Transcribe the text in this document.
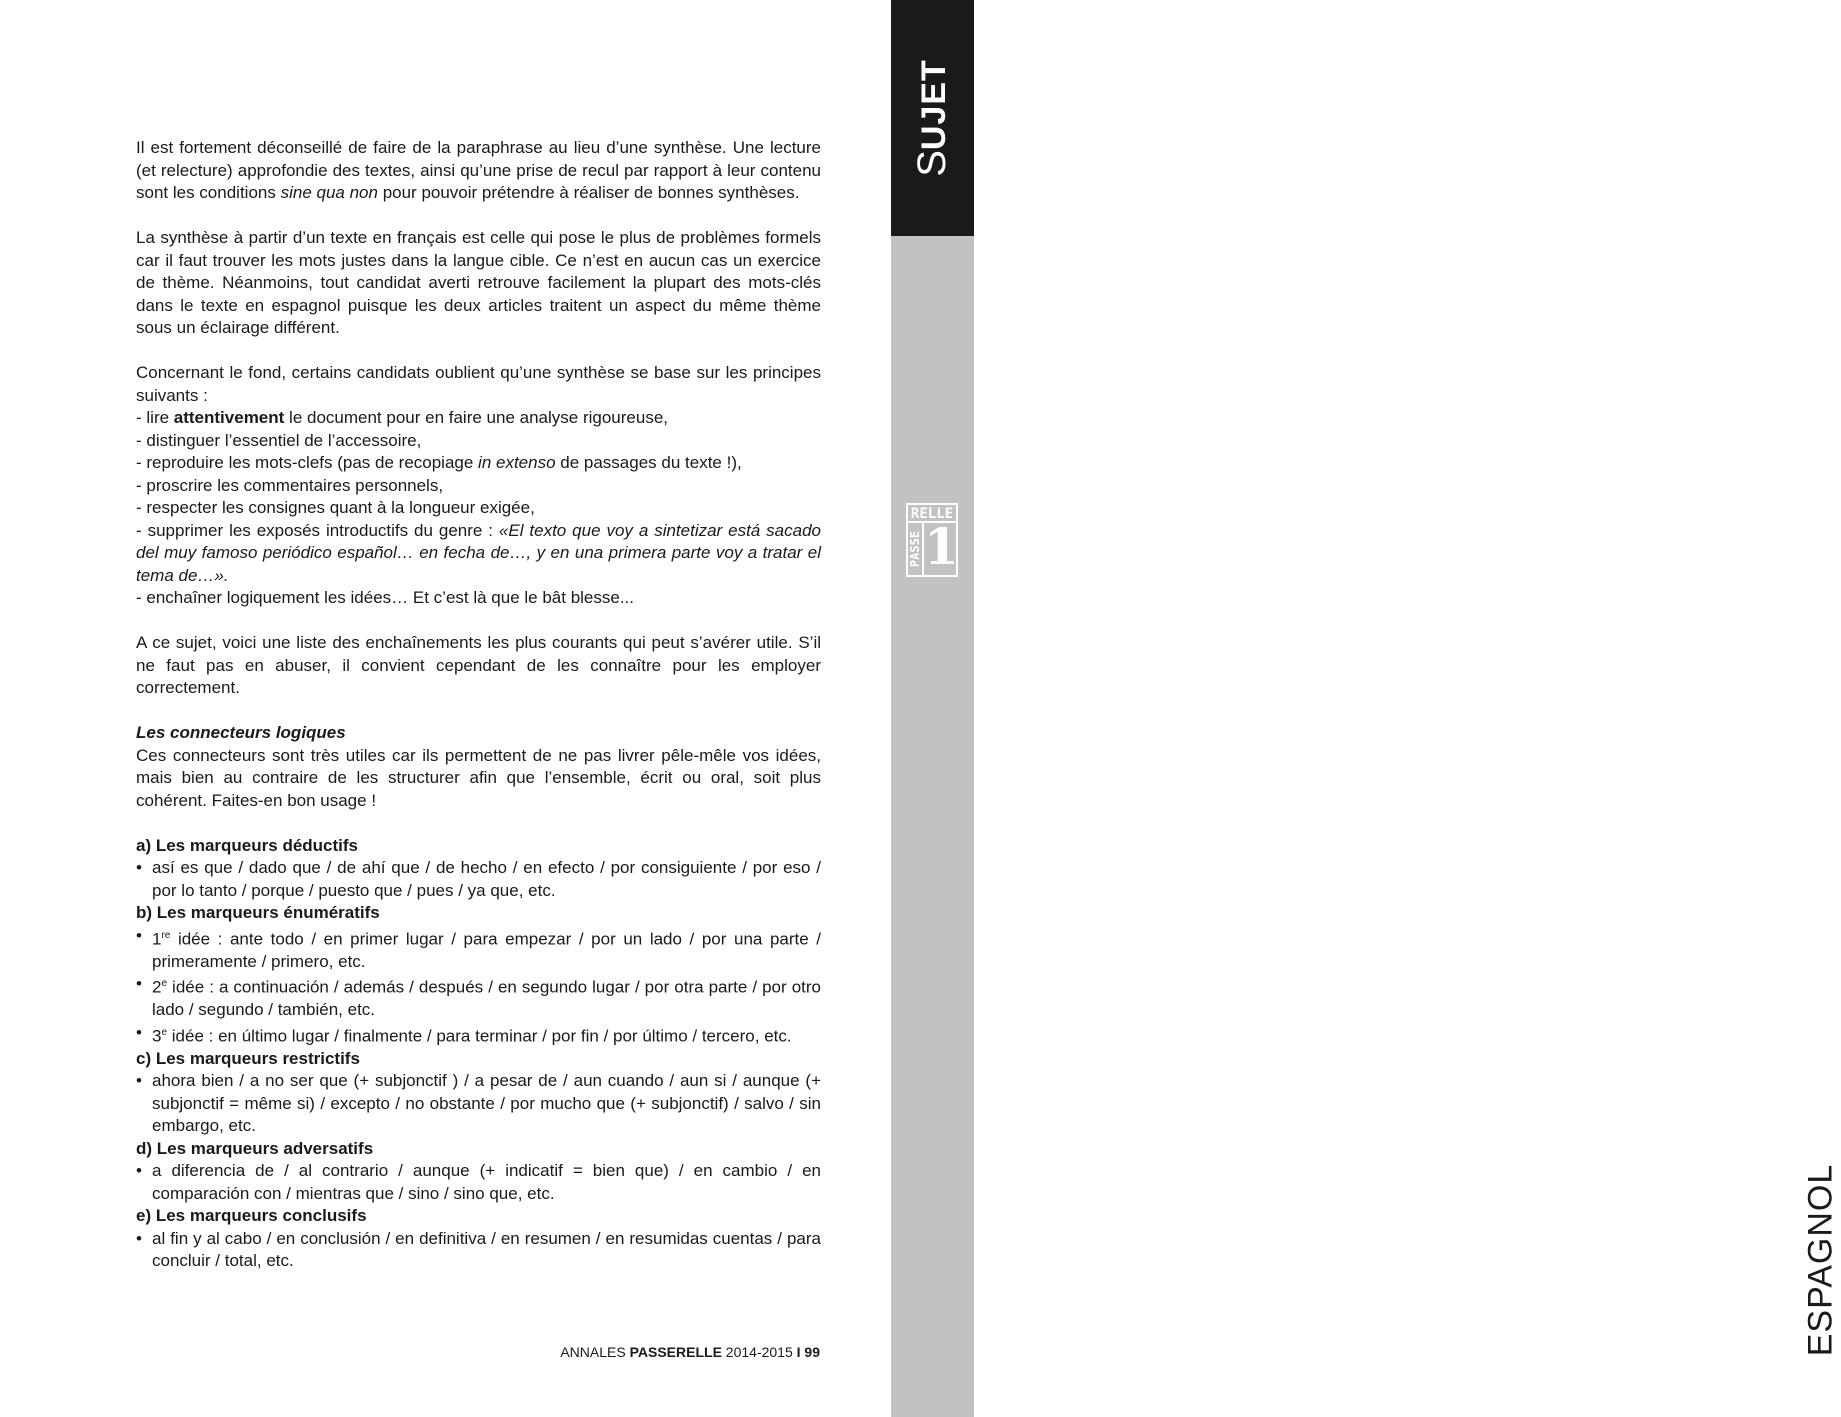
SUJET
RELLE
PASSE 1
ESPAGNOL

Il est fortement déconseillé de faire de la paraphrase au lieu d’une synthèse. Une lecture (et relecture) approfondie des textes, ainsi qu’une prise de recul par rapport à leur contenu sont les conditions sine qua non pour pouvoir prétendre à réaliser de bonnes synthèses.

La synthèse à partir d’un texte en français est celle qui pose le plus de problèmes formels car il faut trouver les mots justes dans la langue cible. Ce n’est en aucun cas un exercice de thème. Néanmoins, tout candidat averti retrouve facilement la plupart des mots-clés dans le texte en espagnol puisque les deux articles traitent un aspect du même thème sous un éclairage différent.

Concernant le fond, certains candidats oublient qu’une synthèse se base sur les principes suivants :
- lire attentivement le document pour en faire une analyse rigoureuse,
- distinguer l’essentiel de l’accessoire,
- reproduire les mots-clefs (pas de recopiage in extenso de passages du texte !),
- proscrire les commentaires personnels,
- respecter les consignes quant à la longueur exigée,
- supprimer les exposés introductifs du genre : «El texto que voy a sintetizar está sacado del muy famoso periódico español… en fecha de…, y en una primera parte voy a tratar el tema de…».
- enchaîner logiquement les idées… Et c’est là que le bât blesse...

A ce sujet, voici une liste des enchaînements les plus courants qui peut s’avérer utile. S’il ne faut pas en abuser, il convient cependant de les connaître pour les employer correctement.

Les connecteurs logiques
Ces connecteurs sont très utiles car ils permettent de ne pas livrer pêle-mêle vos idées, mais bien au contraire de les structurer afin que l’ensemble, écrit ou oral, soit plus cohérent. Faites-en bon usage !

a) Les marqueurs déductifs
• así es que / dado que / de ahí que / de hecho / en efecto / por consiguiente / por eso / por lo tanto / porque / puesto que / pues / ya que, etc.
b) Les marqueurs énumératifs
• 1re idée : ante todo / en primer lugar / para empezar / por un lado / por una parte / primeramente / primero, etc.
• 2e idée : a continuación / además / después / en segundo lugar / por otra parte / por otro lado / segundo / también, etc.
• 3e idée : en último lugar / finalmente / para terminar / por fin / por último / tercero, etc.
c) Les marqueurs restrictifs
• ahora bien / a no ser que (+ subjonctif ) / a pesar de / aun cuando / aun si / aunque (+ subjonctif = même si) / excepto / no obstante / por mucho que (+ subjonctif) / salvo / sin embargo, etc.
d) Les marqueurs adversatifs
• a diferencia de / al contrario / aunque (+ indicatif = bien que) / en cambio / en comparación con / mientras que / sino / sino que, etc.
e) Les marqueurs conclusifs
• al fin y al cabo / en conclusión / en definitiva / en resumen / en resumidas cuentas / para concluir / total, etc.
ANNALES PASSERELLE 2014-2015 I 99
